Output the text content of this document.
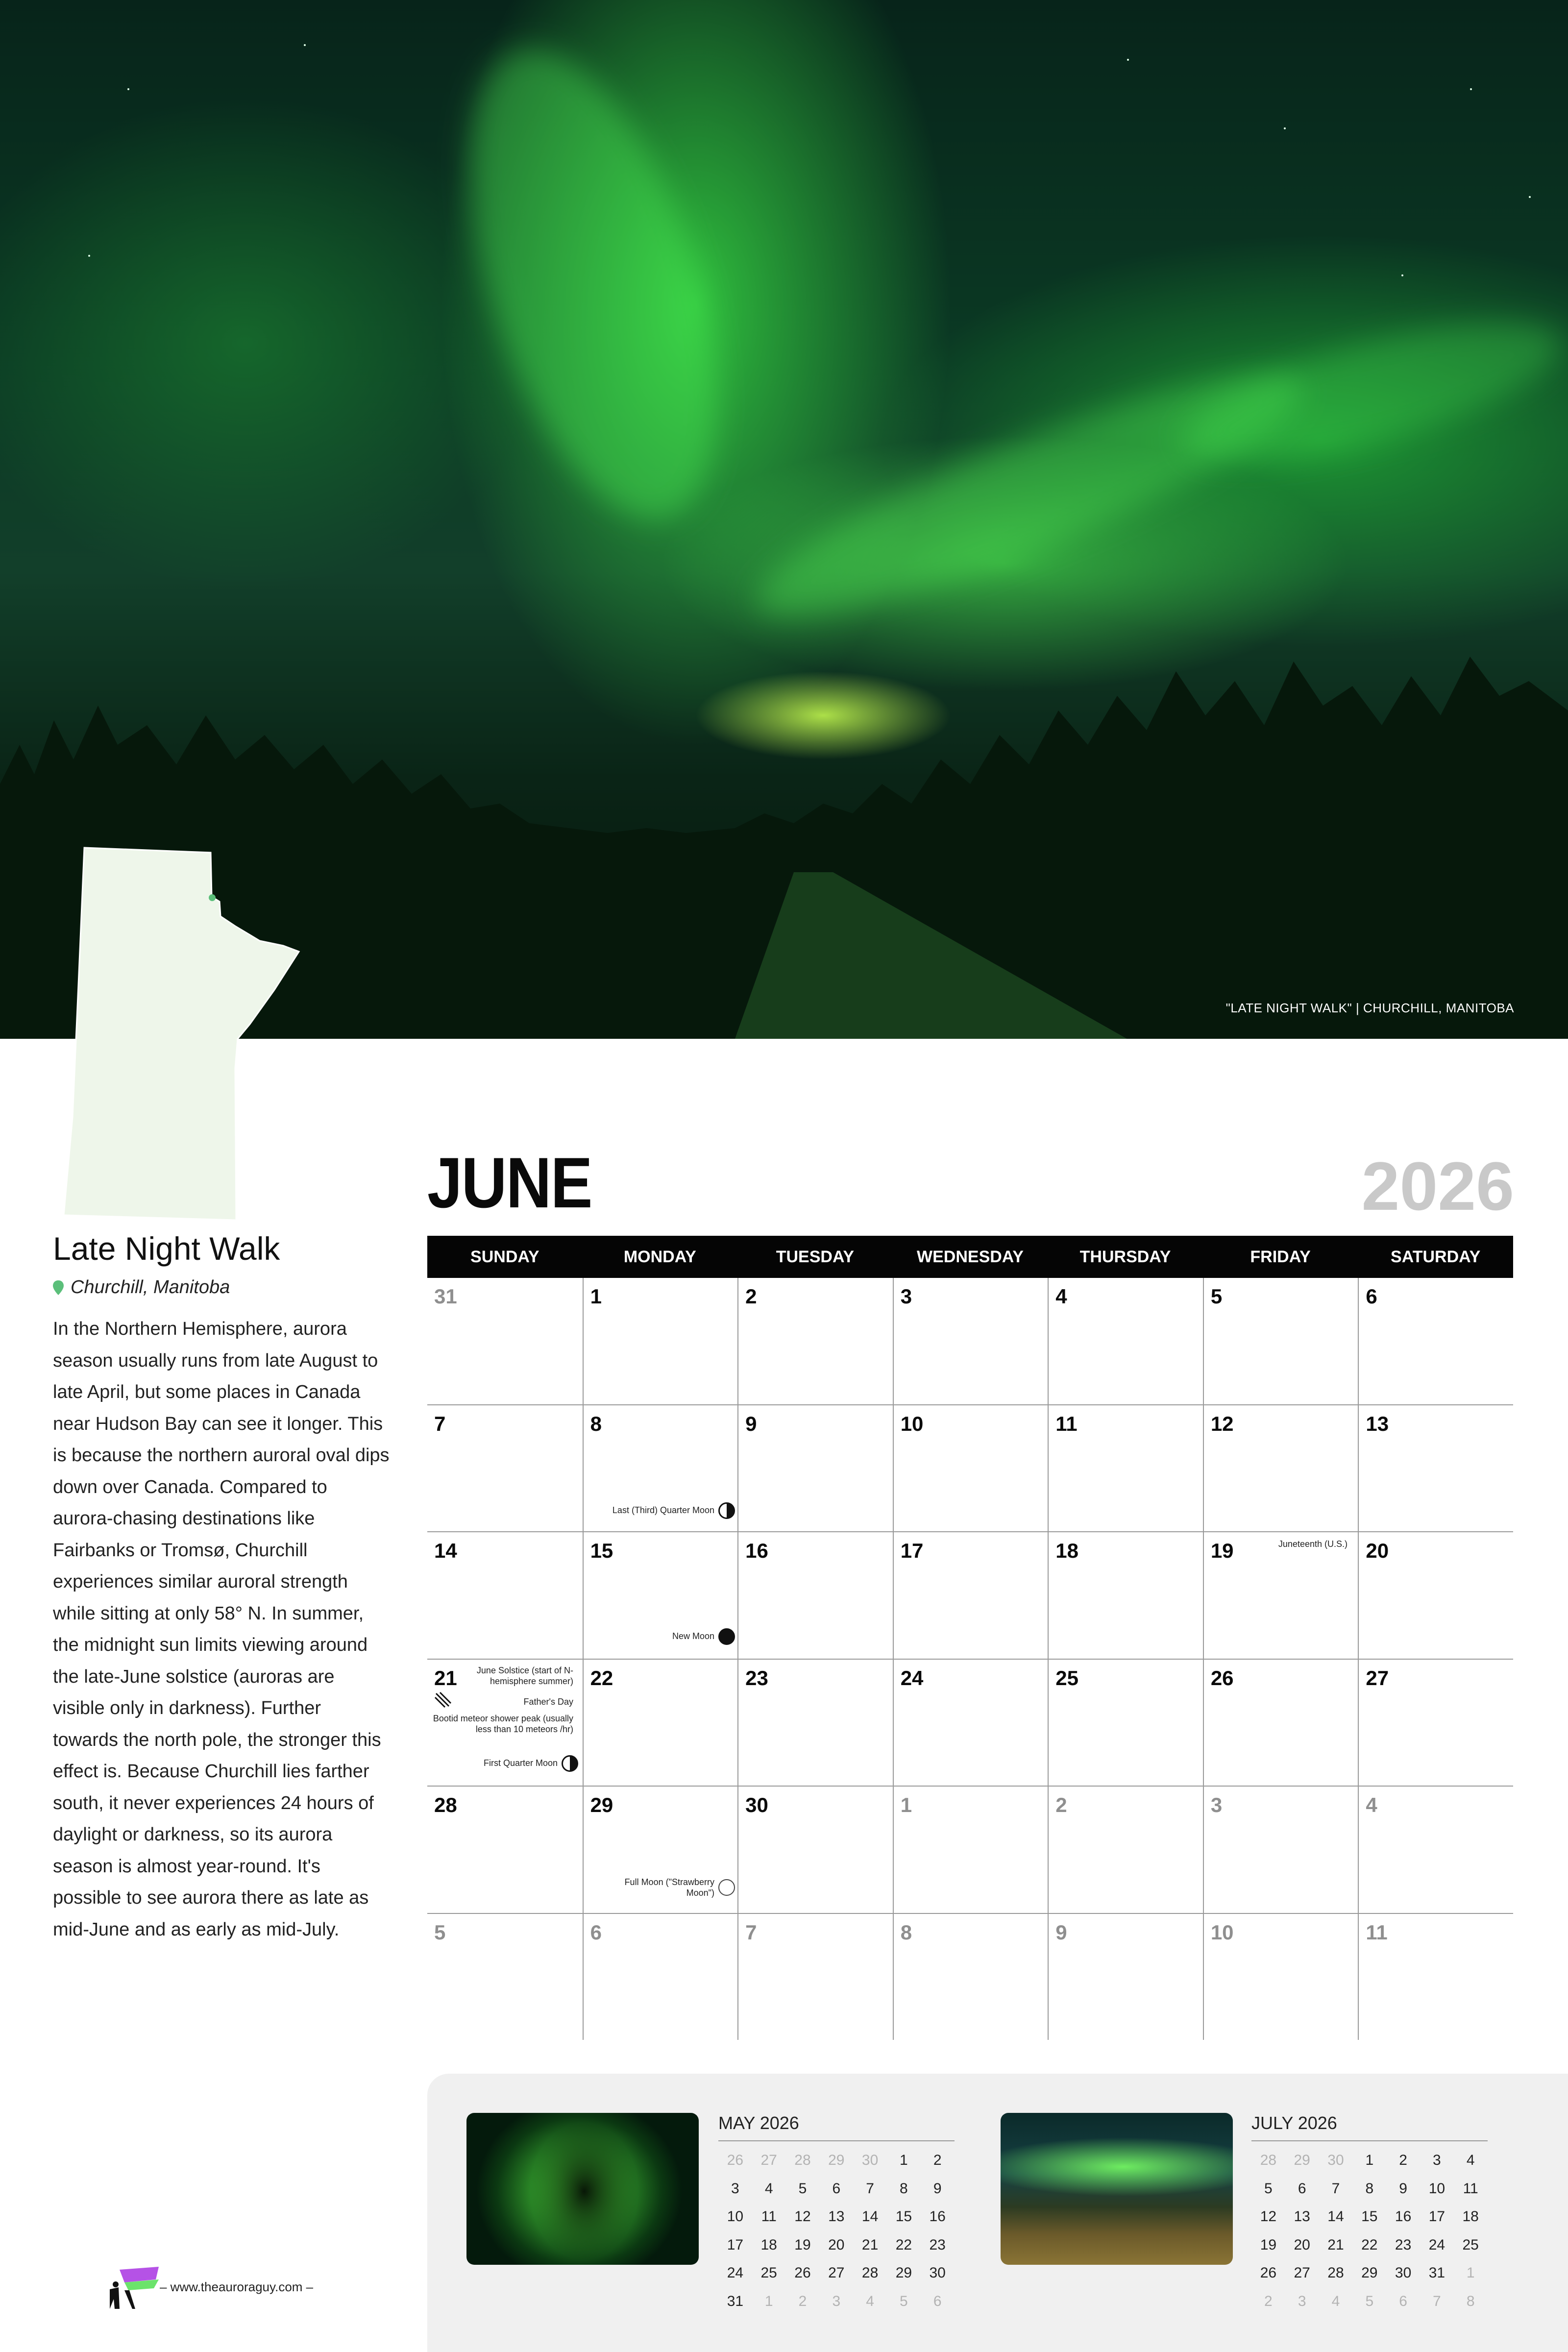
"LATE NIGHT WALK" | CHURCHILL, MANITOBA
Late Night Walk
Churchill, Manitoba

In the Northern Hemisphere, aurora season usually runs from late August to late April, but some places in Canada near Hudson Bay can see it longer. This is because the northern auroral oval dips down over Canada. Compared to aurora-chasing destinations like Fairbanks or Tromsø, Churchill experiences similar auroral strength while sitting at only 58° N. In summer, the midnight sun limits viewing around the late-June solstice (auroras are visible only in darkness). Further towards the north pole, the stronger this effect is. Because Churchill lies farther south, it never experiences 24 hours of daylight or darkness, so its aurora season is almost year-round. It's possible to see aurora there as late as mid-June and as early as mid-July.

JUNE	2026
SUNDAY	MONDAY	TUESDAY	WEDNESDAY	THURSDAY	FRIDAY	SATURDAY
31	1	2	3	4	5	6
7	8	9	10	11	12	13
14	15	16	17	18	19	20
21	22	23	24	25	26	27
28	29	30	1	2	3	4
5	6	7	8	9	10	11
Last (Third) Quarter Moon
Juneteenth (U.S.)
New Moon
June Solstice (start of N-hemisphere summer)
Father's Day
Bootid meteor shower peak (usually less than 10 meteors /hr)
First Quarter Moon
Full Moon ("Strawberry Moon")
MAY 2026
26	27	28	29	30	1	2
3	4	5	6	7	8	9
10	11	12	13	14	15	16
17	18	19	20	21	22	23
24	25	26	27	28	29	30
31	1	2	3	4	5	6
JULY 2026
28	29	30	1	2	3	4
5	6	7	8	9	10	11
12	13	14	15	16	17	18
19	20	21	22	23	24	25
26	27	28	29	30	31	1
2	3	4	5	6	7	8
– www.theauroraguy.com –
